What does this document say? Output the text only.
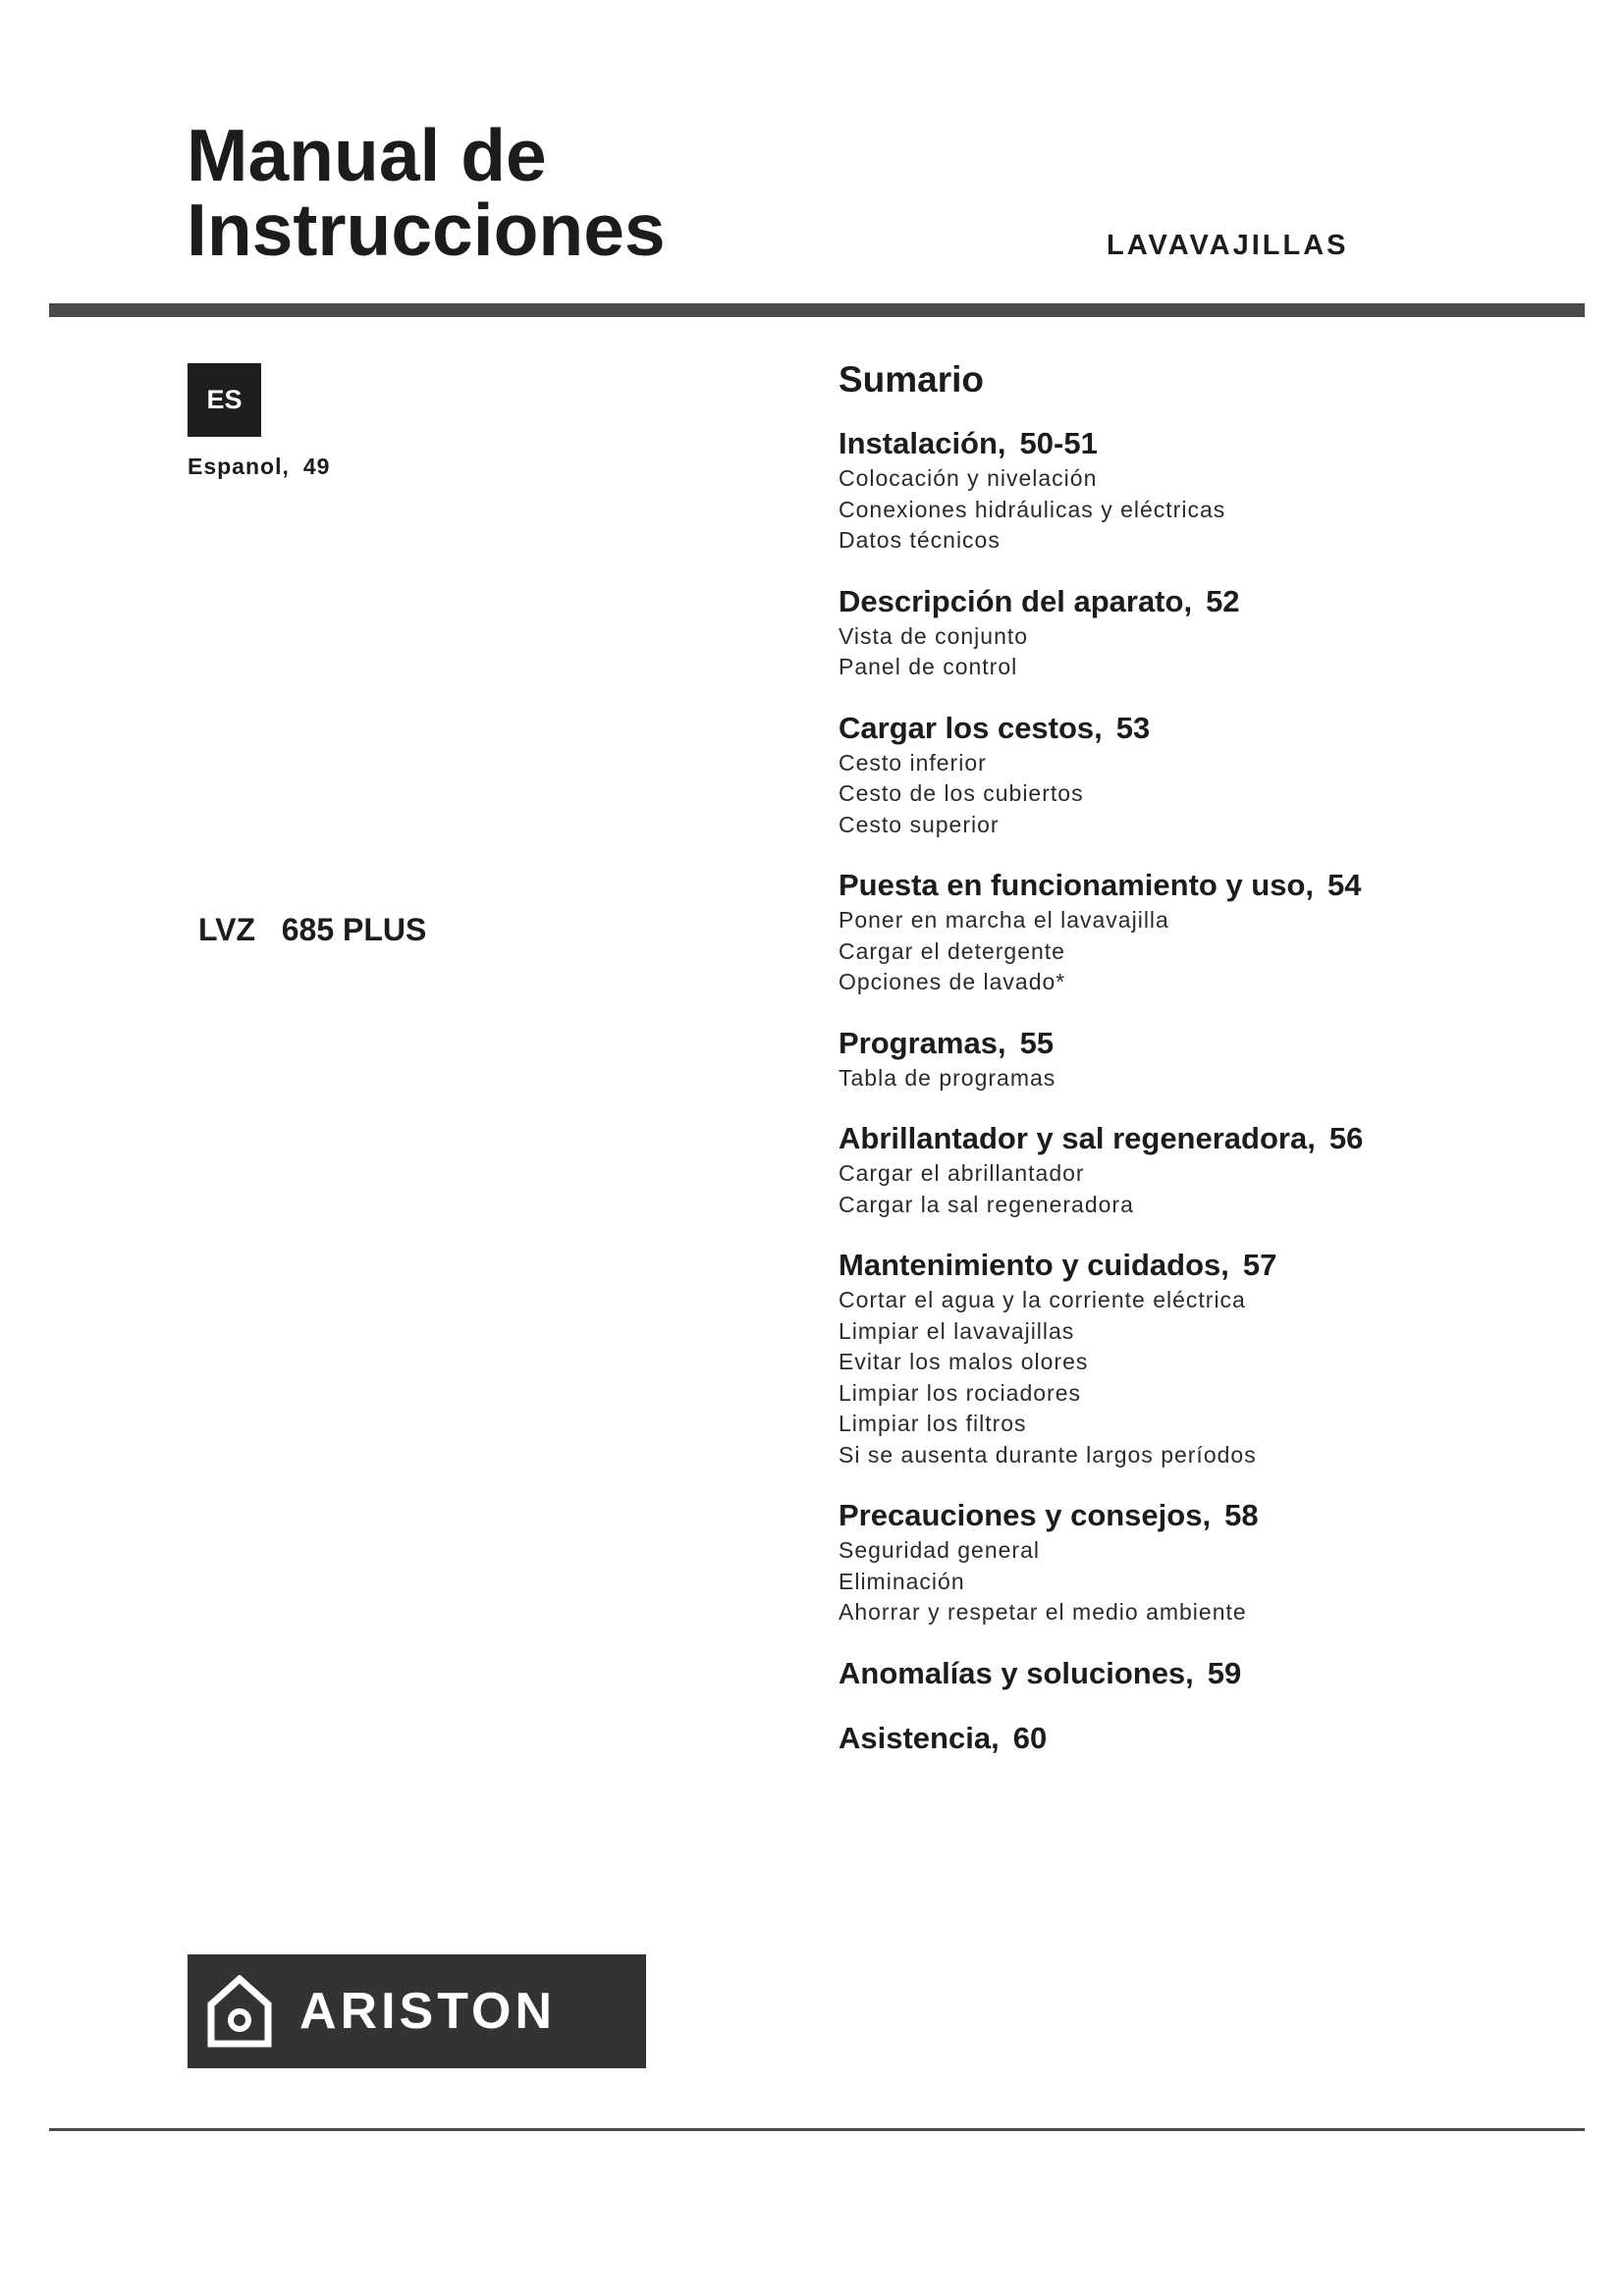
Manual de
Instrucciones	LAVAVAJILLAS
ES
Espanol, 49
LVZ   685 PLUS
Sumario
Instalación, 50-51
Colocación y nivelación
Conexiones hidráulicas y eléctricas
Datos técnicos
Descripción del aparato, 52
Vista de conjunto
Panel de control
Cargar los cestos, 53
Cesto inferior
Cesto de los cubiertos
Cesto superior
Puesta en funcionamiento y uso, 54
Poner en marcha el lavavajilla
Cargar el detergente
Opciones de lavado*
Programas, 55
Tabla de programas
Abrillantador y sal regeneradora, 56
Cargar el abrillantador
Cargar la sal regeneradora
Mantenimiento y cuidados, 57
Cortar el agua y la corriente eléctrica
Limpiar el lavavajillas
Evitar los malos olores
Limpiar los rociadores
Limpiar los filtros
Si se ausenta durante largos períodos
Precauciones y consejos, 58
Seguridad general
Eliminación
Ahorrar y respetar el medio ambiente
Anomalías y soluciones, 59
Asistencia, 60
ARISTON
